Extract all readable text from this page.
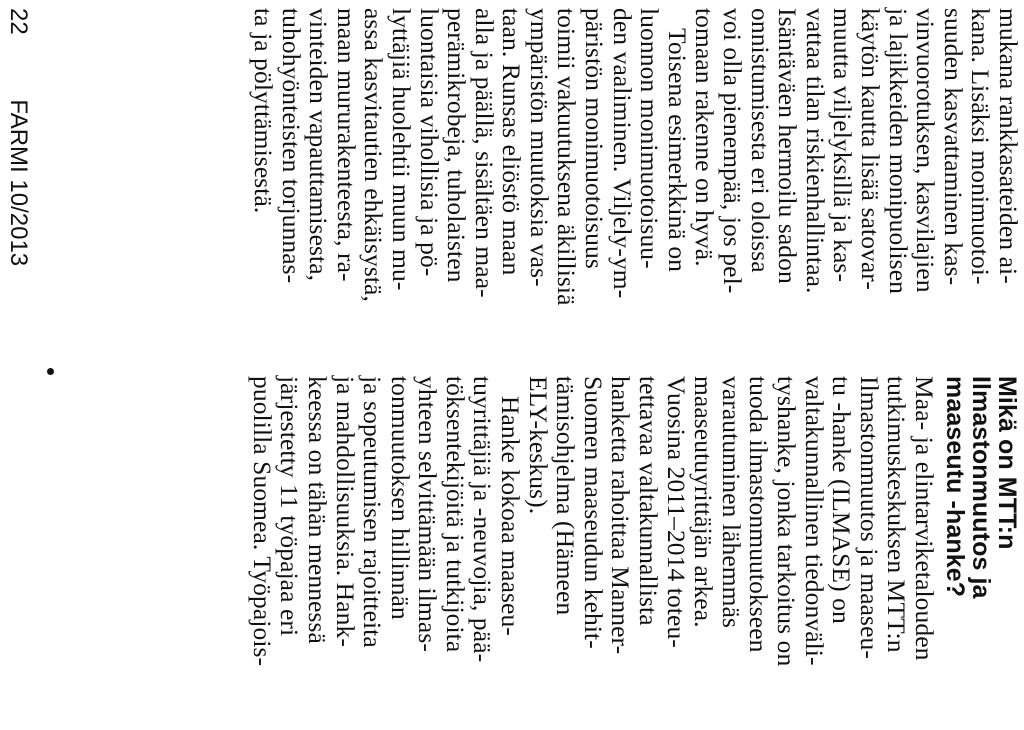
mukana rankkasateiden ai-
kana. Lisäksi monimuotoi-
suuden kasvattaminen kas-
vinvuorotuksen, kasvilajien
ja lajikkeiden monipuolisen
käytön kautta lisää satovar-
muutta viljelyksillä ja kas-
vattaa tilan riskienhallintaa.
Isäntäväen hermoilu sadon
onnistumisesta eri oloissa
voi olla pienempää, jos pel-
tomaan rakenne on hyvä.
Toisena esimerkkinä on
luonnon monimuotoisuu-
den vaaliminen. Viljely-ym-
päristön monimuotoisuus
toimii vakuutuksena äkillisiä
ympäristön muutoksia vas-
taan. Runsas eliöstö maan
alla ja päällä, sisältäen maa-
perämikrobeja, tuholaisten
luontaisia vihollisia ja pö-
lyttäjiä huolehtii muun mu-
assa kasvitautien ehkäisystä,
maan mururakenteesta, ra-
vinteiden vapauttamisesta,
tuhohyönteisten torjunnas-
ta ja pölyttämisestä.
Mikä on MTT:n
Ilmastonmuutos ja
maaseutu -hanke?
Maa- ja elintarviketalouden
tutkimuskeskuksen MTT:n
Ilmastonmuutos ja maaseu-
tu -hanke (ILMASE) on
valtakunnallinen tiedonväli-
tyshanke, jonka tarkoitus on
tuoda ilmastonmuutokseen
varautuminen lähemmäs
maaseutuyrittäjän arkea.
Vuosina 2011–2014 toteu-
tettavaa valtakunnallista
hanketta rahoittaa Manner-
Suomen maaseudun kehit-
tämisohjelma (Hämeen
ELY-keskus).
Hanke kokoaa maaseu-
tuyrittäjiä ja -neuvojia, pää-
töksentekijöitä ja tutkijoita
yhteen selvittämään ilmas-
tonmuutoksen hillinnän
ja sopeutumisen rajoitteita
ja mahdollisuuksia. Hank-
keessa on tähän mennessä
järjestetty 11 työpajaa eri
puolilla Suomea. Työpajois-
22 FARMI 10/2013
